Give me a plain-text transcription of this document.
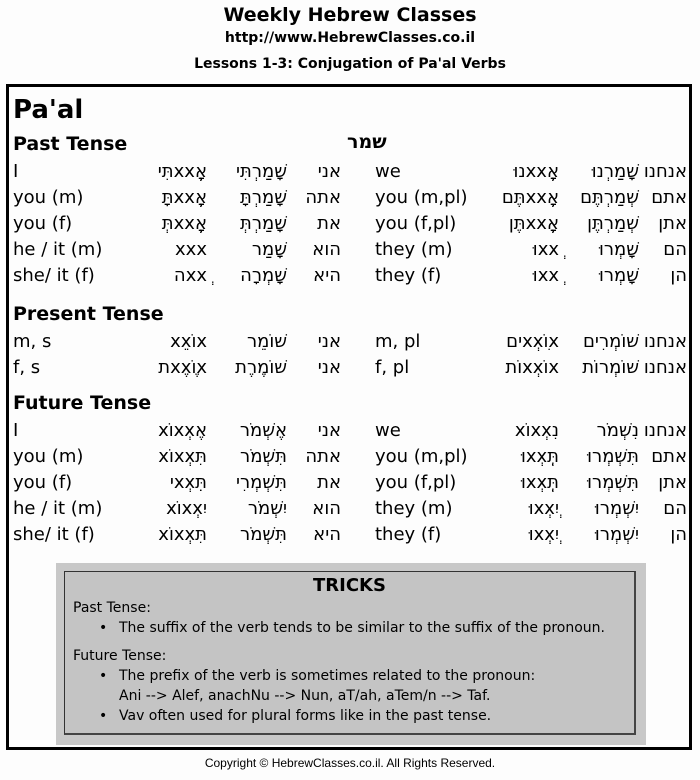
Weekly Hebrew Classes
http://www.HebrewClasses.co.il
Lessons 1-3: Conjugation of Pa'al Verbs
Pa'al
Past Tense	שמר
I	אָxxְתִּי שָׁמַרְתִּי אני we	אָxxְנוּ שָׁמַרְנוּ אנחנו
you (m)	אָxxְתָּ שָׁמַרְתָּ אתה you (m,pl) אָxxְתֶּם שְׁמַרְתֶּם אתם
you (f)	אָxxְתְּ שָׁמַרְתְּ את you (f,pl)	אָxxְתֶּן שְׁמַרְתֶּן אתן
he / it (m)	xxx שָׁמַר הוא they (m)	xxְוּ שָׁמְרוּ הם
she/ it (f)	xxְה שָׁמְרָה היא they (f)	xxְוּ שָׁמְרוּ הן
Present Tense
m, s	xוֹxֵx שׁוֹמֵר אני m, pl	xוֹxְxִים שׁוֹמְרִים אנחנו
f, s	xוֹxֶxֶת שׁוֹמֶרֶת אני f, pl	xוֹxְxוֹת שׁוֹמְרוֹת אנחנו
Future Tense
I	אֶxְxוֹx אֶשְׁמֹר אני we	נִxְxוֹx נִשְׁמֹר אנחנו
you (m)	תִּxְxוֹx תִּשְׁמֹר אתה you (m,pl)	תִּxְxְוּ תִּשְׁמְרוּ אתם
you (f)	תִּxְxִי תִּשְׁמְרִי את you (f,pl)	תִּxְxְוּ תִּשְׁמְרוּ אתן
he / it (m)	יִxְxוֹx יִשְׁמֹר הוא they (m)	יִxְxְוּ יִשְׁמְרוּ הם
she/ it (f)	תִּxְxוֹx תִּשְׁמֹר היא they (f)	יִxְxְוּ יִשְׁמְרוּ הן
TRICKS
Past Tense:
• The suffix of the verb tends to be similar to the suffix of the pronoun.
Future Tense:
• The prefix of the verb is sometimes related to the pronoun:
Ani --> Alef, anachNu --> Nun, aT/ah, aTem/n --> Taf.
• Vav often used for plural forms like in the past tense.
Copyright © HebrewClasses.co.il. All Rights Reserved.
